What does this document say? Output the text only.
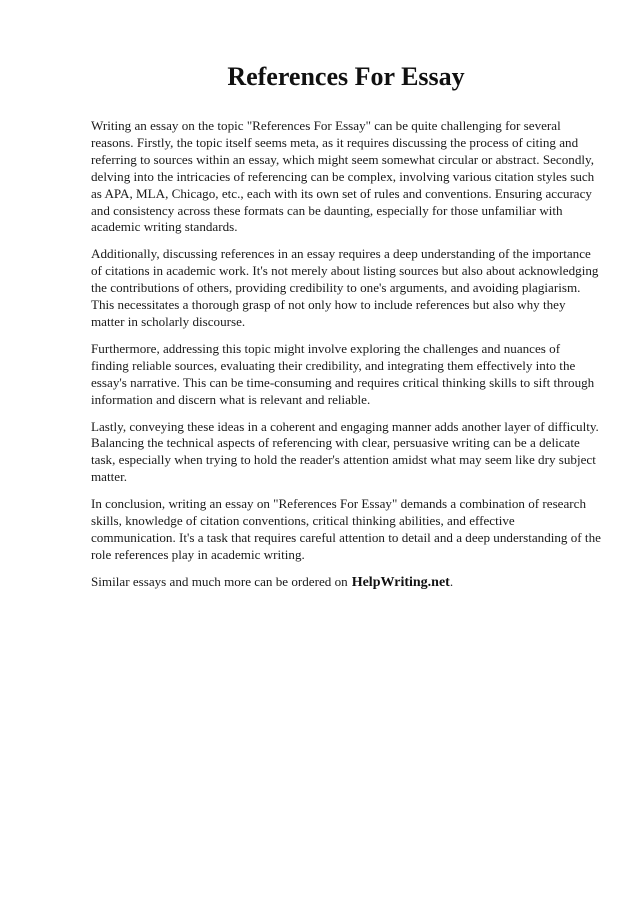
References For Essay

Writing an essay on the topic "References For Essay" can be quite challenging for several reasons. Firstly, the topic itself seems meta, as it requires discussing the process of citing and referring to sources within an essay, which might seem somewhat circular or abstract. Secondly, delving into the intricacies of referencing can be complex, involving various citation styles such as APA, MLA, Chicago, etc., each with its own set of rules and conventions. Ensuring accuracy and consistency across these formats can be daunting, especially for those unfamiliar with academic writing standards.

Additionally, discussing references in an essay requires a deep understanding of the importance of citations in academic work. It's not merely about listing sources but also about acknowledging the contributions of others, providing credibility to one's arguments, and avoiding plagiarism. This necessitates a thorough grasp of not only how to include references but also why they matter in scholarly discourse.

Furthermore, addressing this topic might involve exploring the challenges and nuances of finding reliable sources, evaluating their credibility, and integrating them effectively into the essay's narrative. This can be time-consuming and requires critical thinking skills to sift through information and discern what is relevant and reliable.

Lastly, conveying these ideas in a coherent and engaging manner adds another layer of difficulty. Balancing the technical aspects of referencing with clear, persuasive writing can be a delicate task, especially when trying to hold the reader's attention amidst what may seem like dry subject matter.

In conclusion, writing an essay on "References For Essay" demands a combination of research skills, knowledge of citation conventions, critical thinking abilities, and effective communication. It's a task that requires careful attention to detail and a deep understanding of the role references play in academic writing.

Similar essays and much more can be ordered on HelpWriting.net.
